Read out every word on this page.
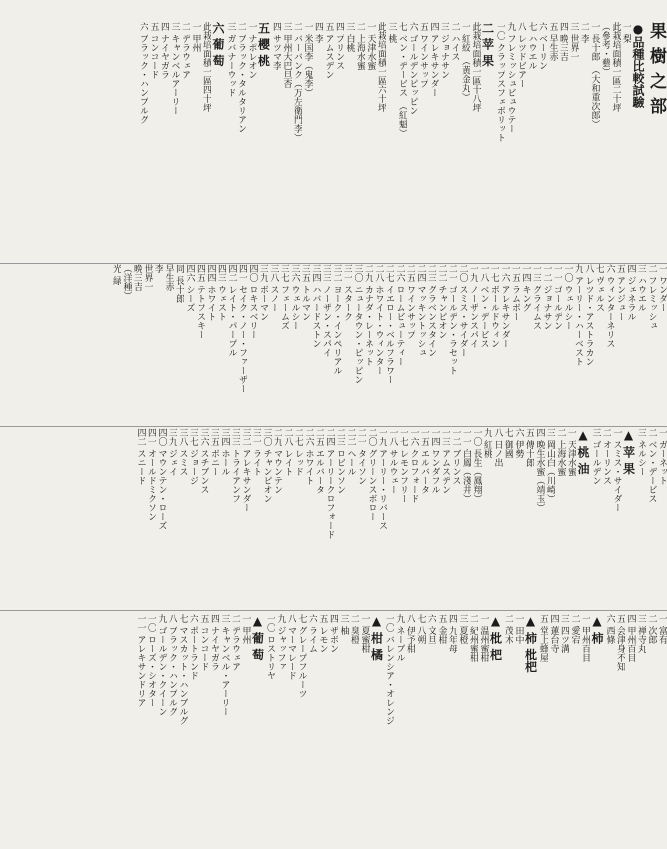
果樹之部
●品種比較試驗
一 梨
此栽培面積一區二十坪
（參考・藝）
一 長十郎　（大和重次郎）
二 李
三 世界一
四 晩三吉
五 早生赤
六 ベーリン
七 ハウエル
八 レツドビアー
九 フレミッシュビュウテー
一〇 クラップスフェボリット
二 苹 果
此栽培面積一區十八坪
一 紅絞　（黄金丸）
二 ハイス
三 ジョナサン
四 アレキサンダー
五 ワインサップ
六 ゴールデンピッピン
七 ベン・デービス　（紅魁）
三 桃
此栽培面積一區六十坪
一 天津水蜜
二 上海水蜜
三 白桃
四 プリンス
五 アムスデン
四 李
一 米国李（鬼李）
二 バーバンク（万左衛門李）
三 甲州大巴旦杏
四 サツマ李
五 櫻 桃
一 ナポレオン
二 ブラック・タルタリアン
三 ガバナーウッド
六 葡 萄
此栽培面積一區四十坪
一 甲州
二 デラウェア
三 キャンベルアーリー
四 ナイヤガラ
五 コンコード
六 ブラック・ハンブルグ
一 ワンダー
二 フレミッシュ
三 ハウエル
四 ジェネラル
五 アンジュー
六 ウィンターネリス
七 ヴェルス
八 レツド・アストラカン
九 アーリー・ハーベスト
一〇 ウェルシー
一一 ゴールデン
一二 ジョナサン
一三 グライムス
一四 キング
一五 ラムボー
一六 アレキサンダー
一七 ボールドウィン
一八 ベン・デービス
一九 ノーザンスパイ
二〇 スミス・サイダー
二一 ゴールデン・ラセット
二二 チャンピオン
二三 グラベンスタイン
二四 マッキントッシュ
二五 ワインサップ
二六 ロームビューティー
二七 イエロー・ベルフラワー
二八 ホワイト・ウィンター
二九 カナダ・レーネット
三〇 ニュータウン・ピッピン
三一 スターク
三二 ヨーク・インペリアル
三三 ノーザン・スパイ
三四 ハバードストン
三五 トルマン
三六 ウェルシー
三七 フェームズ
三八 スノー
三九 ボーマン
四〇 ロキスベリー
四一 セイク・ノー・ファーザー
四二 レイト・パープル
四三 ウェスト
四四 ホワイト
四五 テトフスキー
四六 シーズ
同 長十郎
早生赤
李
世界一
晩三吉
（洋種）
光 緑
一 ガーネット
二 ベン・デービス
三 ネルシー
▲ 苹 果
一 スミス・サイダー
二 オーリンス
三 ゴールデン
▲ 桃 油
一 天津水蜜
二 上海水蜜
三 岡山白（川崎）
四 晩生水蜜（靖玉）
五 傳十郎
六 伊勢
七 御國
八 日ノ出
九 紅桃
一〇 長生（鳳翔）
一一 白鳳（淺井）
一二 ブリンス
一三 アムスデン
一四 ワンダフル
一五 エルバータ
一六 クロフォード
一七 レモンフリー
一八 サルウェー
一九 アーリー・リバース
二〇 グリーンスボロー
二一 タイソン
二二 ヘール
二三 ロビンソン
二四 アーリークロフォード
二五 エルバータ
二六 ホワイト
二七 レッド
二八 レイト
二九 マウンテン
三〇 チャンピオン
三一 ライト
三二 アレキサンダー
三三 トライアンフ
三四 ホール
三五 ボニー
三六 スチブンス
三七 ジョージ
三八 スミス
三九 ジェイ
四〇 マウンテン・ローズ
四一 オールドミクソン
四二 スニード
一 富有
二 次郎
三 禅寺丸
四 甲州百目
五 会津身不知
六 西條
▲ 柿
一 甲州百目
二 愛宕
三 四ツ溝
四 蓮台寺
五 堂上蜂屋
▲ 柿 枇杷
一 田中
二 茂木
▲ 枇 杷
一 温州蜜柑
二 紀州蜜柑
三 夏橙
四 九年母
五 金柑
六 文旦
七 八朔
八 伊予柑
九 ネーブル
一〇 バレンシア・オレンジ
▲ 柑 橘
一 夏蜜柑
二 臭橙
三 柚
四 ザボン
五 レモン
六 ライム
七 グレープフルーツ
八 マーマレード
九 ジャッファ
一〇 ロストリヤ
▲ 葡 萄
一 甲州
二 デラウェア
三 キャンベル・アーリー
四 ナイヤガラ
五 コンコード
六 ポートランド
七 マスカット・ハンブルグ
八 ブラック・ハンブルグ
九 ゴールデン・クイーン
一〇 ローズ・シオター
一一 アレキサンドリア
